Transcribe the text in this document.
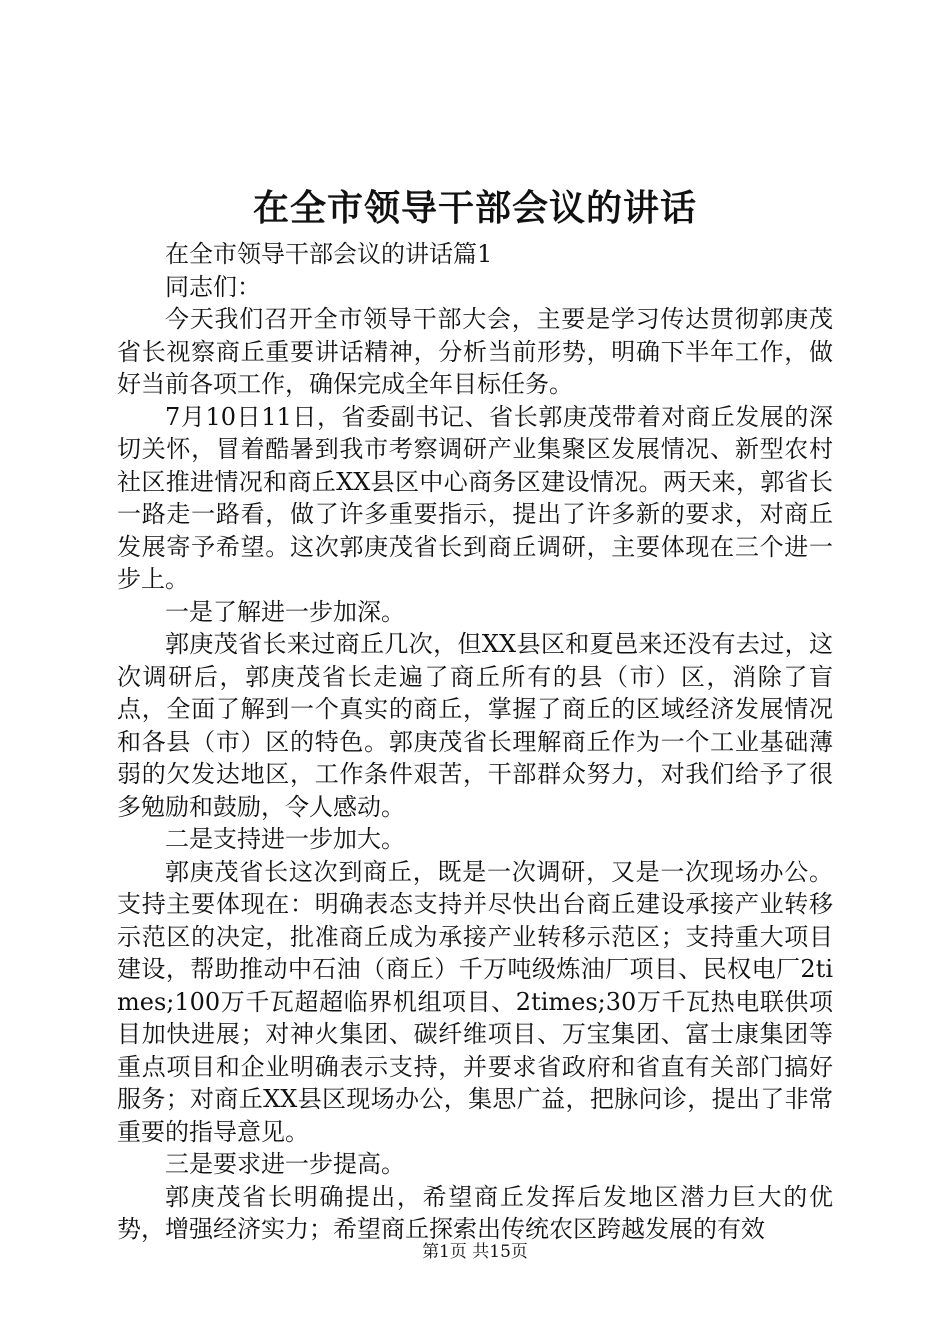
在全市领导干部会议的讲话

在全市领导干部会议的讲话篇1

同志们：

今天我们召开全市领导干部大会，主要是学习传达贯彻郭庚茂省长视察商丘重要讲话精神，分析当前形势，明确下半年工作，做好当前各项工作，确保完成全年目标任务。

7月10日11日，省委副书记、省长郭庚茂带着对商丘发展的深切关怀，冒着酷暑到我市考察调研产业集聚区发展情况、新型农村社区推进情况和商丘XX县区中心商务区建设情况。两天来，郭省长一路走一路看，做了许多重要指示，提出了许多新的要求，对商丘发展寄予希望。这次郭庚茂省长到商丘调研，主要体现在三个进一步上。

一是了解进一步加深。

郭庚茂省长来过商丘几次，但XX县区和夏邑来还没有去过，这次调研后，郭庚茂省长走遍了商丘所有的县（市）区，消除了盲点，全面了解到一个真实的商丘，掌握了商丘的区域经济发展情况和各县（市）区的特色。郭庚茂省长理解商丘作为一个工业基础薄弱的欠发达地区，工作条件艰苦，干部群众努力，对我们给予了很多勉励和鼓励，令人感动。

二是支持进一步加大。

郭庚茂省长这次到商丘，既是一次调研，又是一次现场办公。支持主要体现在：明确表态支持并尽快出台商丘建设承接产业转移示范区的决定，批准商丘成为承接产业转移示范区；支持重大项目建设，帮助推动中石油（商丘）千万吨级炼油厂项目、民权电厂2times;100万千瓦超超临界机组项目、2times;30万千瓦热电联供项目加快进展；对神火集团、碳纤维项目、万宝集团、富士康集团等重点项目和企业明确表示支持，并要求省政府和省直有关部门搞好服务；对商丘XX县区现场办公，集思广益，把脉问诊，提出了非常重要的指导意见。

三是要求进一步提高。

郭庚茂省长明确提出，希望商丘发挥后发地区潜力巨大的优势，增强经济实力；希望商丘探索出传统农区跨越发展的有效

第1页 共15页
